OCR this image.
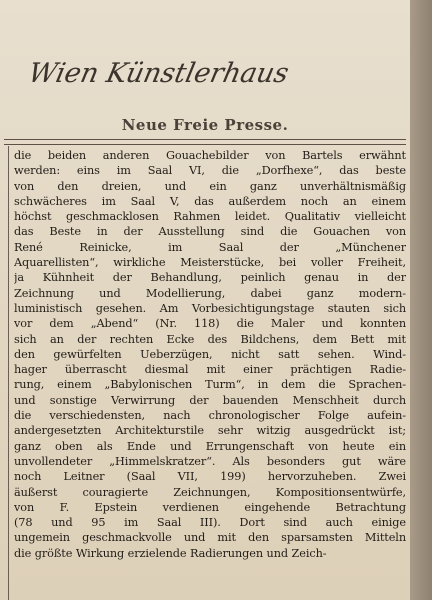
Wien Künstlerhaus
Neue Freie Presse.
die beiden anderen Gouachebilder von Bartels erwähnt
werden: eins im Saal VI, die „Dorfhexe“, das beste
von den dreien, und ein ganz unverhältnismäßig
schwächeres im Saal V, das außerdem noch an einem
höchst geschmacklosen Rahmen leidet. Qualitativ vielleicht
das Beste in der Ausstellung sind die Gouachen von
René Reinicke, im Saal der „Münchener
Aquarellisten“, wirkliche Meisterstücke, bei voller Freiheit,
ja Kühnheit der Behandlung, peinlich genau in der
Zeichnung und Modellierung, dabei ganz modern-
luministisch gesehen. Am Vorbesichtigungstage stauten sich
vor dem „Abend“ (Nr. 118) die Maler und konnten
sich an der rechten Ecke des Bildchens, dem Bett mit
den gewürfelten Ueberzügen, nicht satt sehen. Wind-
hager überrascht diesmal mit einer prächtigen Radie-
rung, einem „Babylonischen Turm“, in dem die Sprachen-
und sonstige Verwirrung der bauenden Menschheit durch
die verschiedensten, nach chronologischer Folge aufein-
andergesetzten Architekturstile sehr witzig ausgedrückt ist;
ganz oben als Ende und Errungenschaft von heute ein
unvollendeter „Himmelskratzer“. Als besonders gut wäre
noch Leitner (Saal VII, 199) hervorzuheben. Zwei
äußerst couragierte Zeichnungen, Kompositionsentwürfe,
von F. Epstein verdienen eingehende Betrachtung
(78 und 95 im Saal III). Dort sind auch einige
ungemein geschmackvolle und mit den sparsamsten Mitteln
die größte Wirkung erzielende Radierungen und Zeich-
